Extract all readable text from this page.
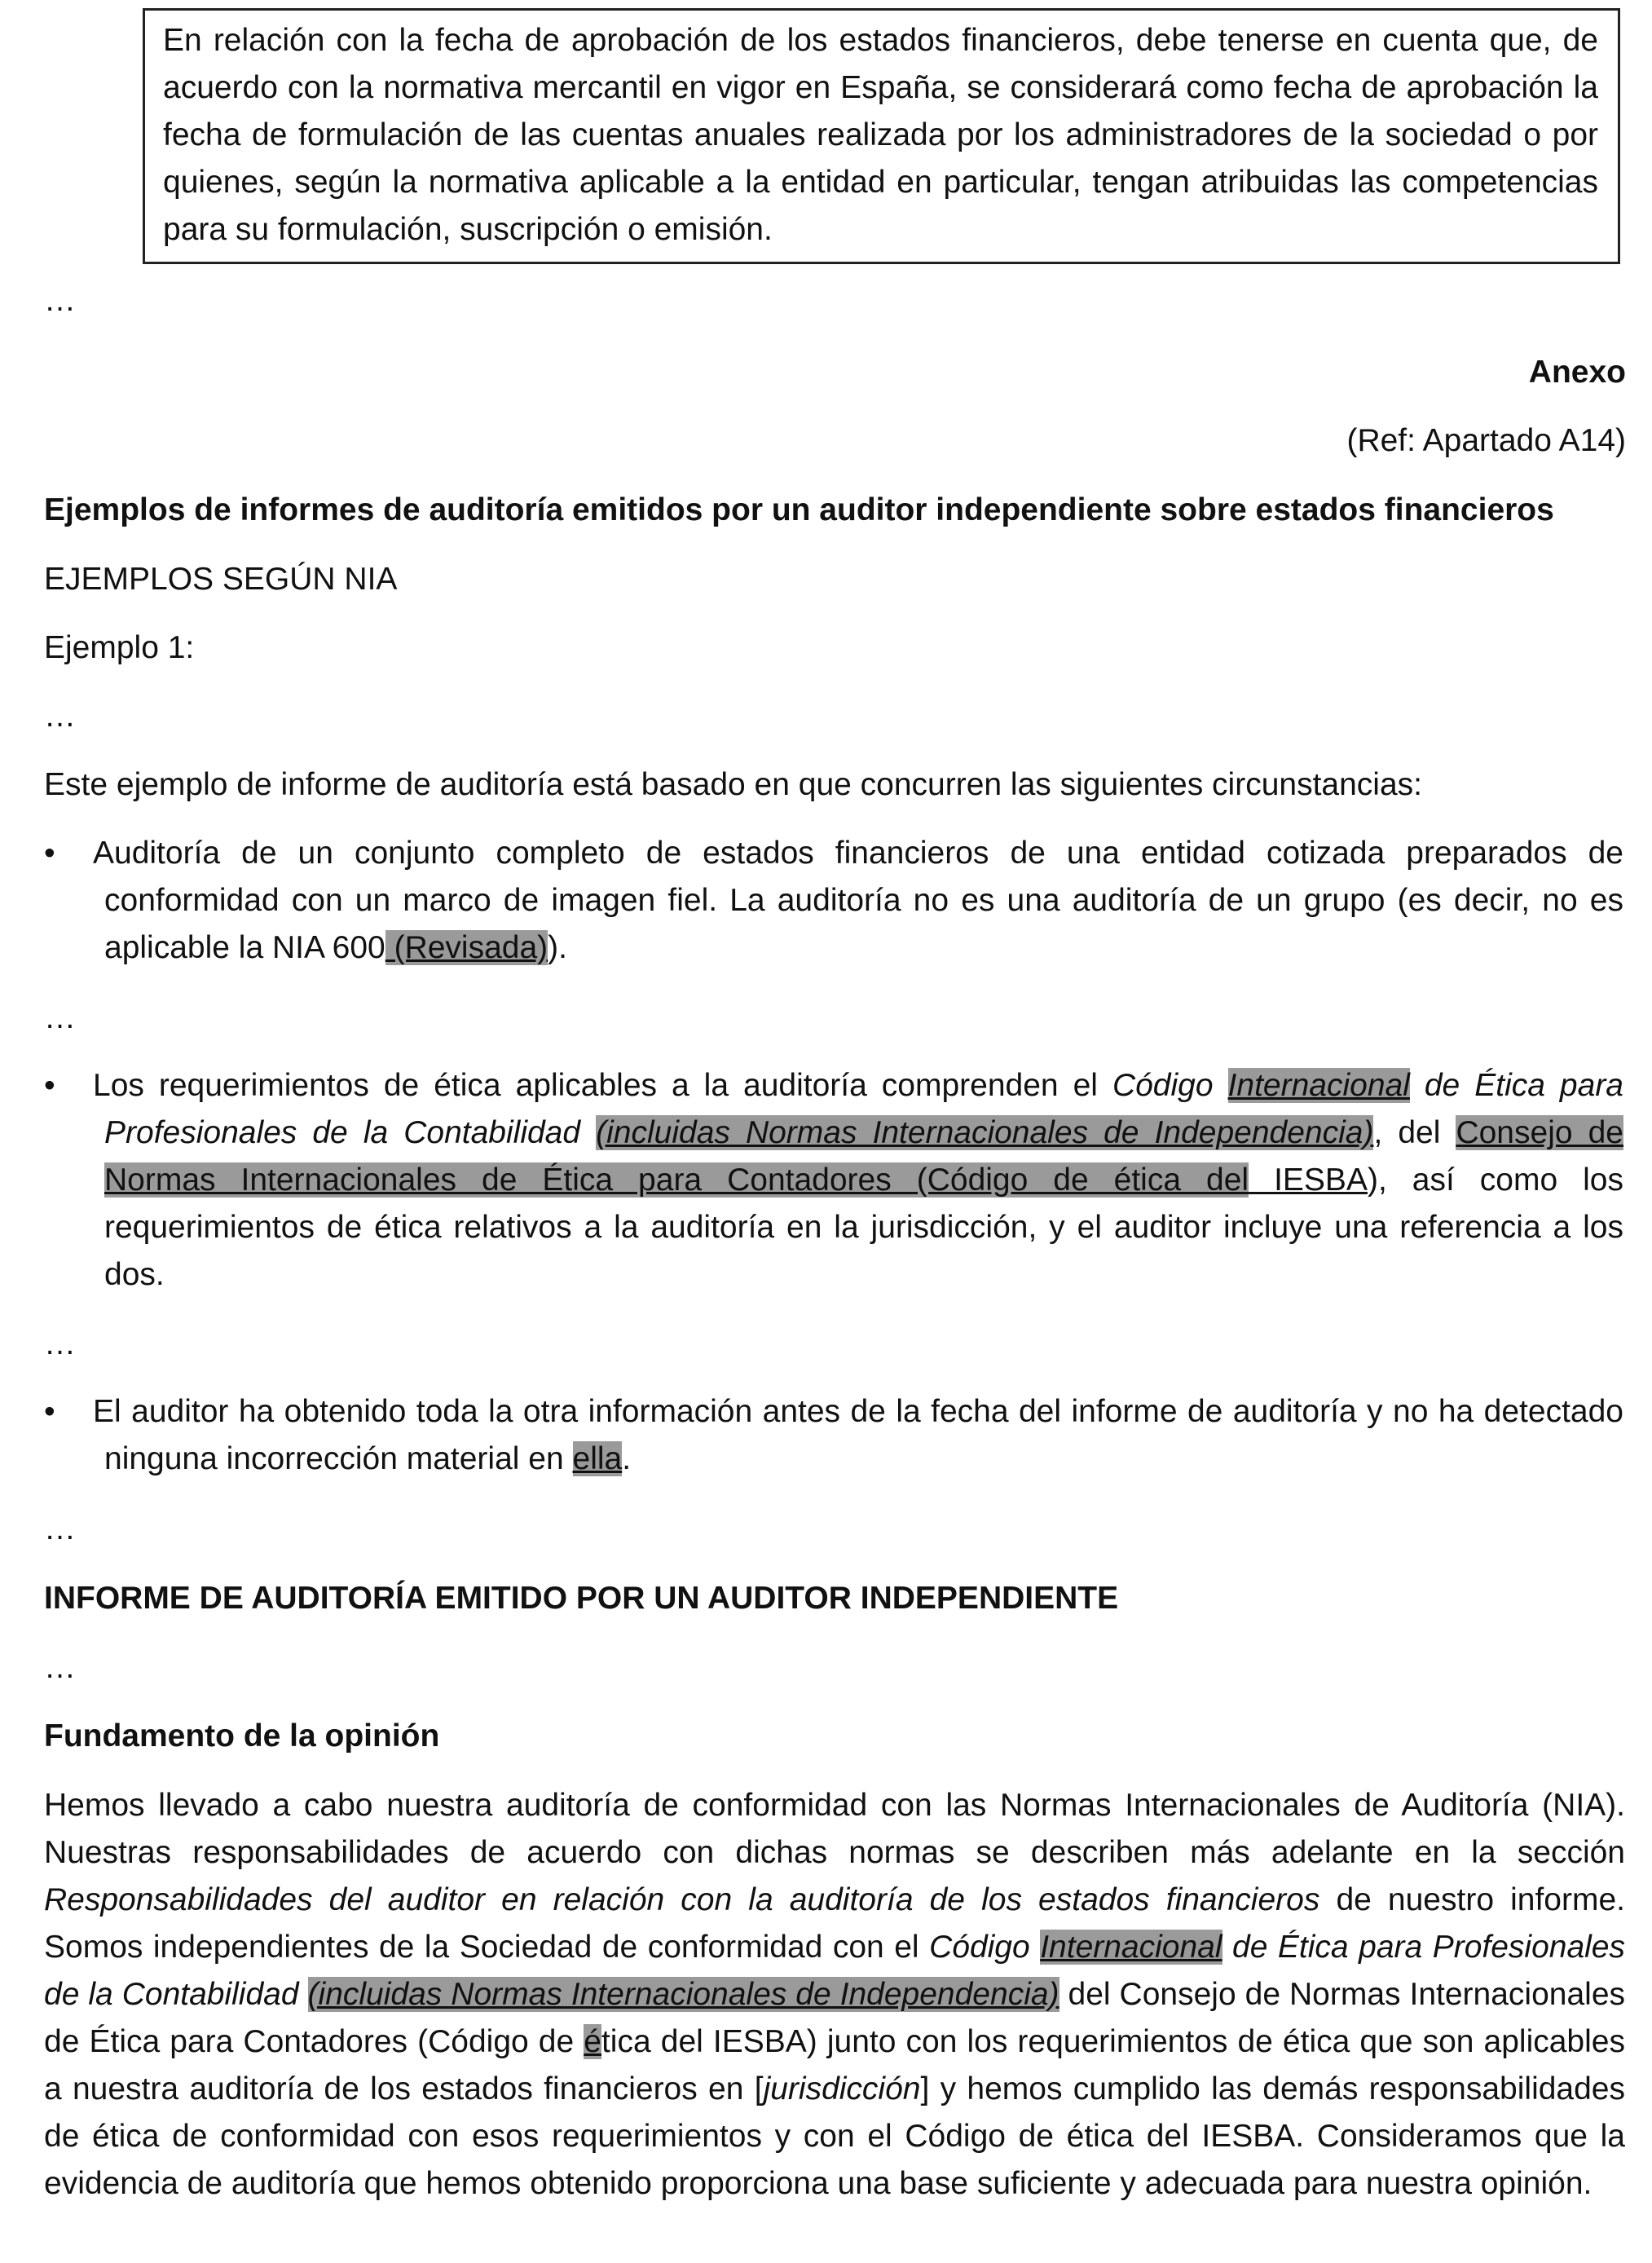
En relación con la fecha de aprobación de los estados financieros, debe tenerse en cuenta que, de acuerdo con la normativa mercantil en vigor en España, se considerará como fecha de aprobación la fecha de formulación de las cuentas anuales realizada por los administradores de la sociedad o por quienes, según la normativa aplicable a la entidad en particular, tengan atribuidas las competencias para su formulación, suscripción o emisión.
…
Anexo
(Ref: Apartado A14)
Ejemplos de informes de auditoría emitidos por un auditor independiente sobre estados financieros
EJEMPLOS SEGÚN NIA
Ejemplo 1:
…
Este ejemplo de informe de auditoría está basado en que concurren las siguientes circunstancias:
• Auditoría de un conjunto completo de estados financieros de una entidad cotizada preparados de conformidad con un marco de imagen fiel. La auditoría no es una auditoría de un grupo (es decir, no es aplicable la NIA 600 (Revisada)).
…
• Los requerimientos de ética aplicables a la auditoría comprenden el Código Internacional de Ética para Profesionales de la Contabilidad (incluidas Normas Internacionales de Independencia), del Consejo de Normas Internacionales de Ética para Contadores (Código de ética del IESBA), así como los requerimientos de ética relativos a la auditoría en la jurisdicción, y el auditor incluye una referencia a los dos.
…
• El auditor ha obtenido toda la otra información antes de la fecha del informe de auditoría y no ha detectado ninguna incorrección material en ella.
…
INFORME DE AUDITORÍA EMITIDO POR UN AUDITOR INDEPENDIENTE
…
Fundamento de la opinión
Hemos llevado a cabo nuestra auditoría de conformidad con las Normas Internacionales de Auditoría (NIA). Nuestras responsabilidades de acuerdo con dichas normas se describen más adelante en la sección Responsabilidades del auditor en relación con la auditoría de los estados financieros de nuestro informe. Somos independientes de la Sociedad de conformidad con el Código Internacional de Ética para Profesionales de la Contabilidad (incluidas Normas Internacionales de Independencia) del Consejo de Normas Internacionales de Ética para Contadores (Código de ética del IESBA) junto con los requerimientos de ética que son aplicables a nuestra auditoría de los estados financieros en [jurisdicción] y hemos cumplido las demás responsabilidades de ética de conformidad con esos requerimientos y con el Código de ética del IESBA. Consideramos que la evidencia de auditoría que hemos obtenido proporciona una base suficiente y adecuada para nuestra opinión.
